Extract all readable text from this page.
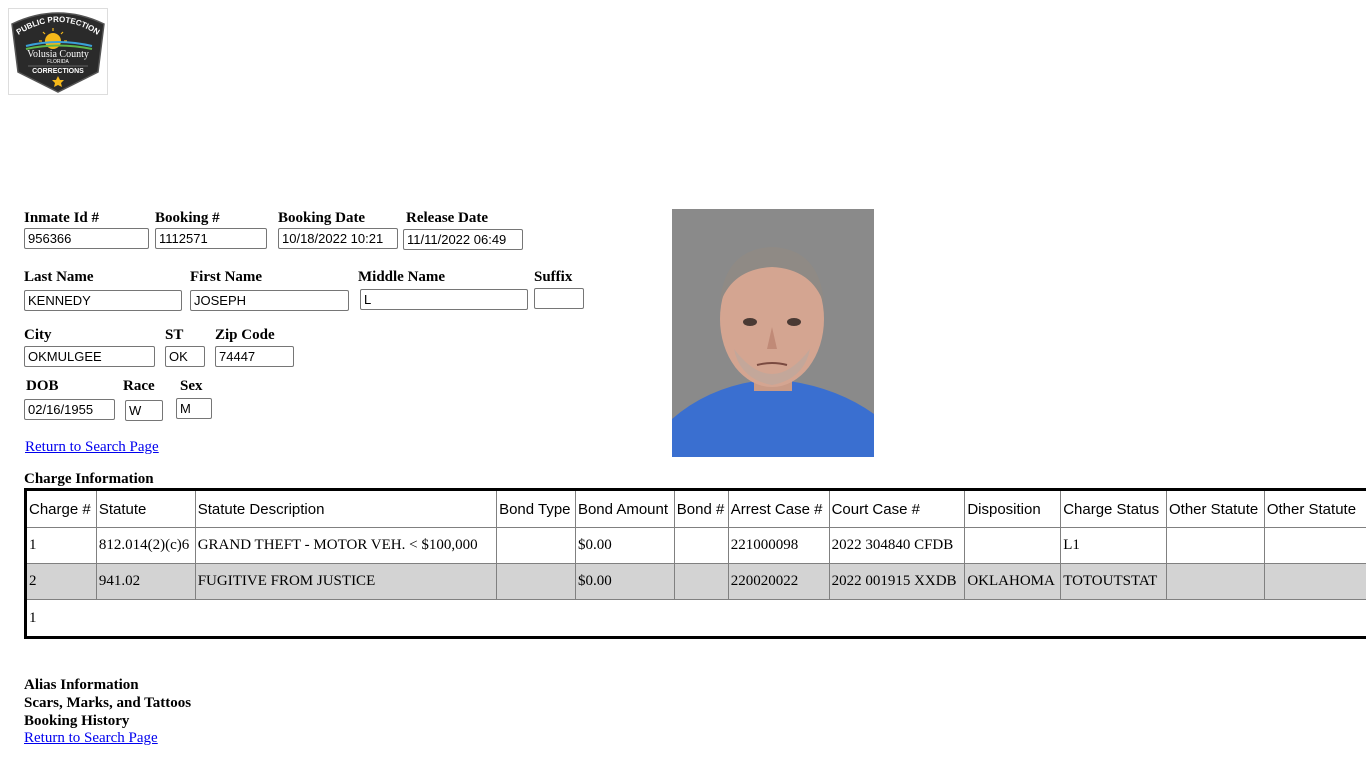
PUBLIC PROTECTION
Volusia County
FLORIDA
CORRECTIONS
Inmate Id #
956366
Booking #
1112571
Booking Date
10/18/2022 10:21
Release Date
11/11/2022 06:49
Last Name
KENNEDY
First Name
JOSEPH
Middle Name
L
Suffix
City
OKMULGEE
ST
OK
Zip Code
74447
DOB
02/16/1955
Race
W
Sex
M
Return to Search Page
Charge Information
Charge #	Statute	Statute Description	Bond Type	Bond Amount	Bond #	Arrest Case #	Court Case #	Disposition	Charge Status	Other Statute	Other Statute
1	812.014(2)(c)6	GRAND THEFT - MOTOR VEH. < $100,000		$0.00		221000098	2022 304840 CFDB		L1		
2	941.02	FUGITIVE FROM JUSTICE		$0.00		220020022	2022 001915 XXDB	OKLAHOMA	TOTOUTSTAT		
1											
Alias Information
Scars, Marks, and Tattoos
Booking History
Return to Search Page
